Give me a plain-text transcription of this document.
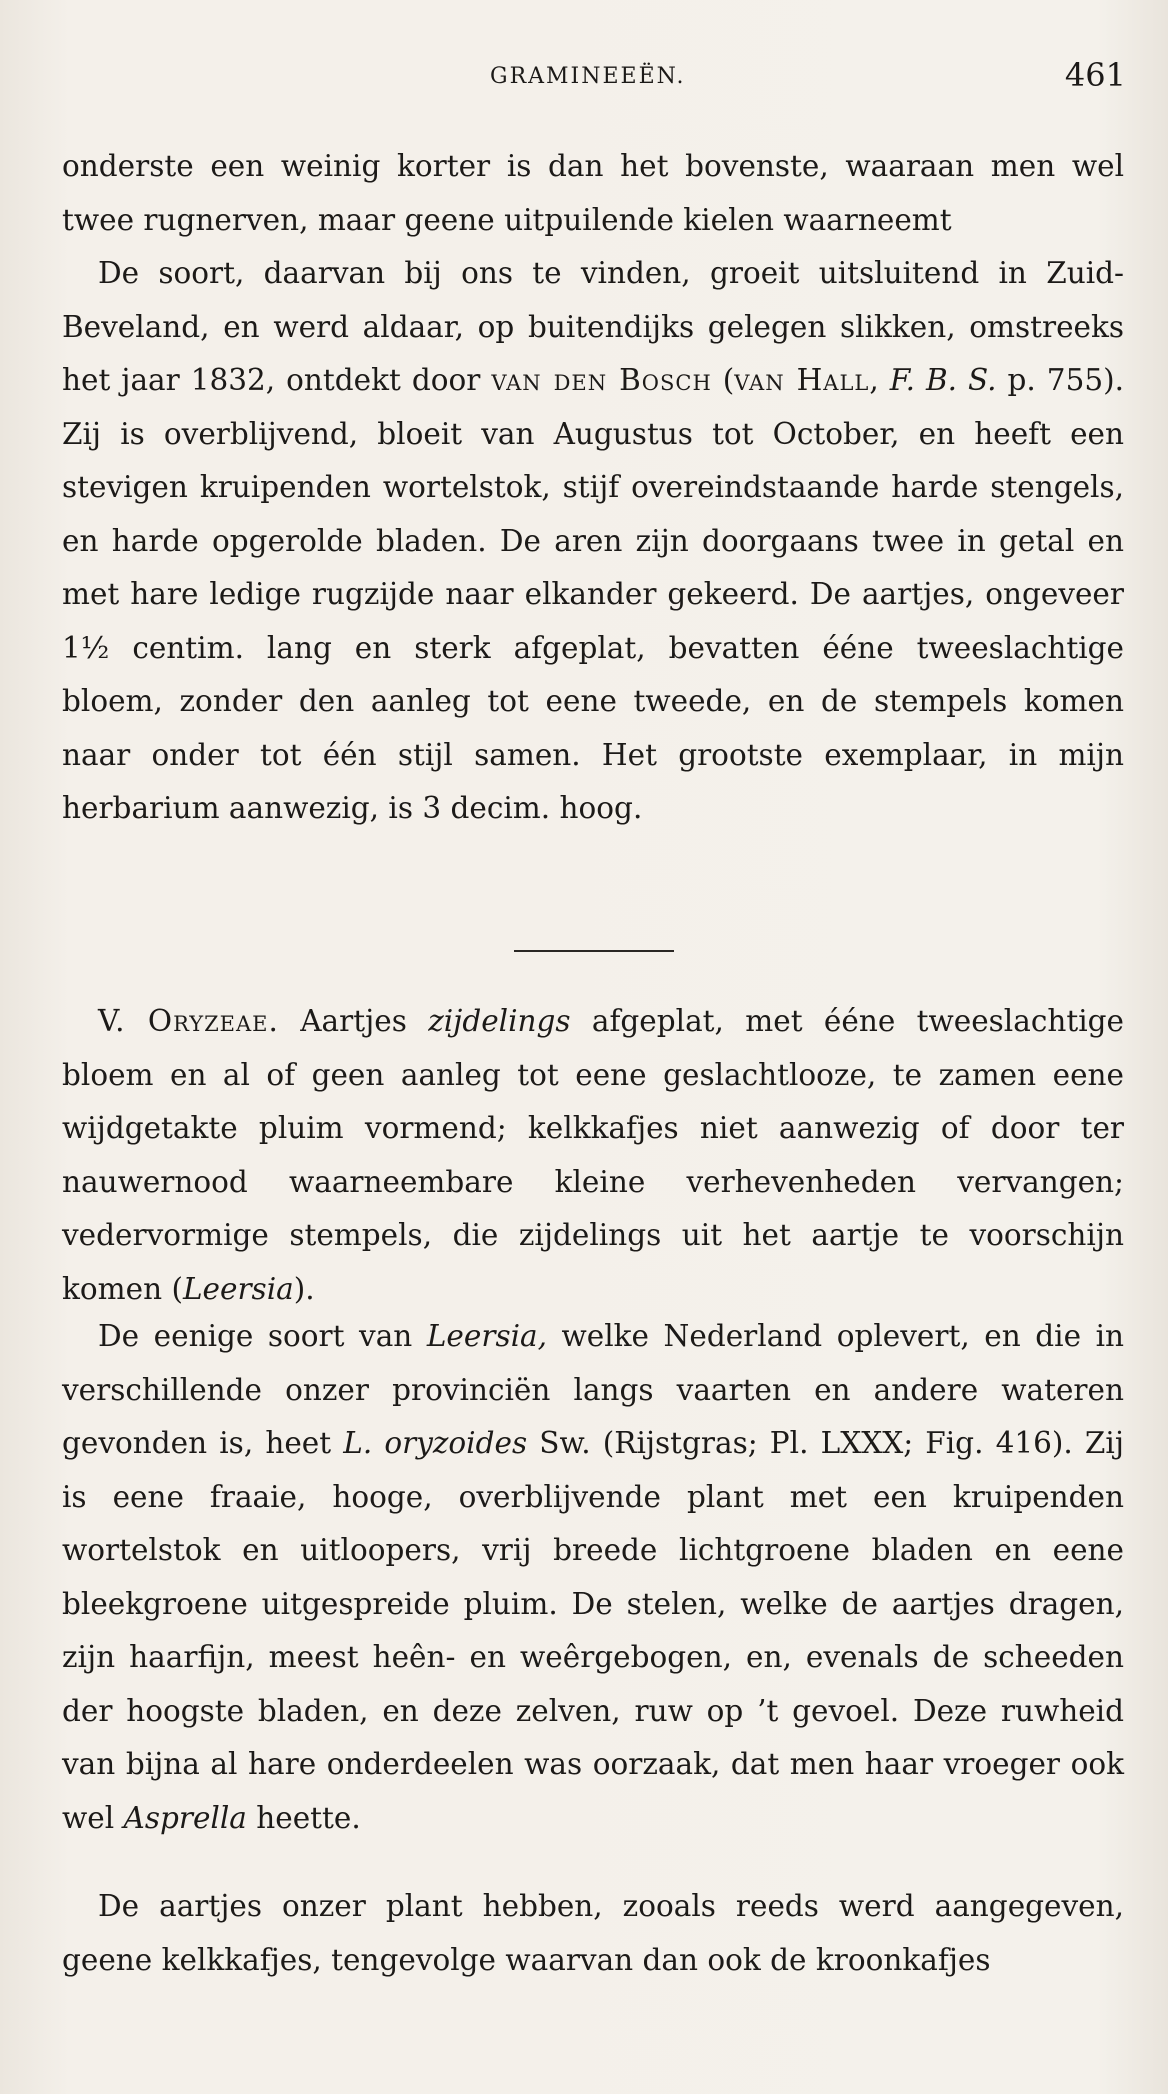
GRAMINEEËN.	461

onderste een weinig korter is dan het bovenste, waaraan men wel twee rugnerven, maar geene uitpuilende kielen waarneemt

De soort, daarvan bij ons te vinden, groeit uitsluitend in Zuid-Beveland, en werd aldaar, op buitendijks gelegen slikken, omstreeks het jaar 1832, ontdekt door van den Bosch (van Hall, F. B. S. p. 755). Zij is overblijvend, bloeit van Augustus tot October, en heeft een stevigen kruipenden wortelstok, stijf overeindstaande harde stengels, en harde opgerolde bladen. De aren zijn doorgaans twee in getal en met hare ledige rugzijde naar elkander gekeerd. De aartjes, ongeveer 1½ centim. lang en sterk afgeplat, bevatten ééne tweeslachtige bloem, zonder den aanleg tot eene tweede, en de stempels komen naar onder tot één stijl samen. Het grootste exemplaar, in mijn herbarium aanwezig, is 3 decim. hoog.

V. Oryzeae. Aartjes zijdelings afgeplat, met ééne tweeslachtige bloem en al of geen aanleg tot eene geslachtlooze, te zamen eene wijdgetakte pluim vormend; kelkkafjes niet aanwezig of door ter nauwernood waarneembare kleine verhevenheden vervangen; vedervormige stempels, die zijdelings uit het aartje te voorschijn komen (Leersia).

De eenige soort van Leersia, welke Nederland oplevert, en die in verschillende onzer provinciën langs vaarten en andere wateren gevonden is, heet L. oryzoides Sw. (Rijstgras; Pl. LXXX; Fig. 416). Zij is eene fraaie, hooge, overblijvende plant met een kruipenden wortelstok en uitloopers, vrij breede lichtgroene bladen en eene bleekgroene uitgespreide pluim. De stelen, welke de aartjes dragen, zijn haarfijn, meest heên- en weêrgebogen, en, evenals de scheeden der hoogste bladen, en deze zelven, ruw op ’t gevoel. Deze ruwheid van bijna al hare onderdeelen was oorzaak, dat men haar vroeger ook wel Asprella heette.

De aartjes onzer plant hebben, zooals reeds werd aangegeven, geene kelkkafjes, tengevolge waarvan dan ook de kroonkafjes
